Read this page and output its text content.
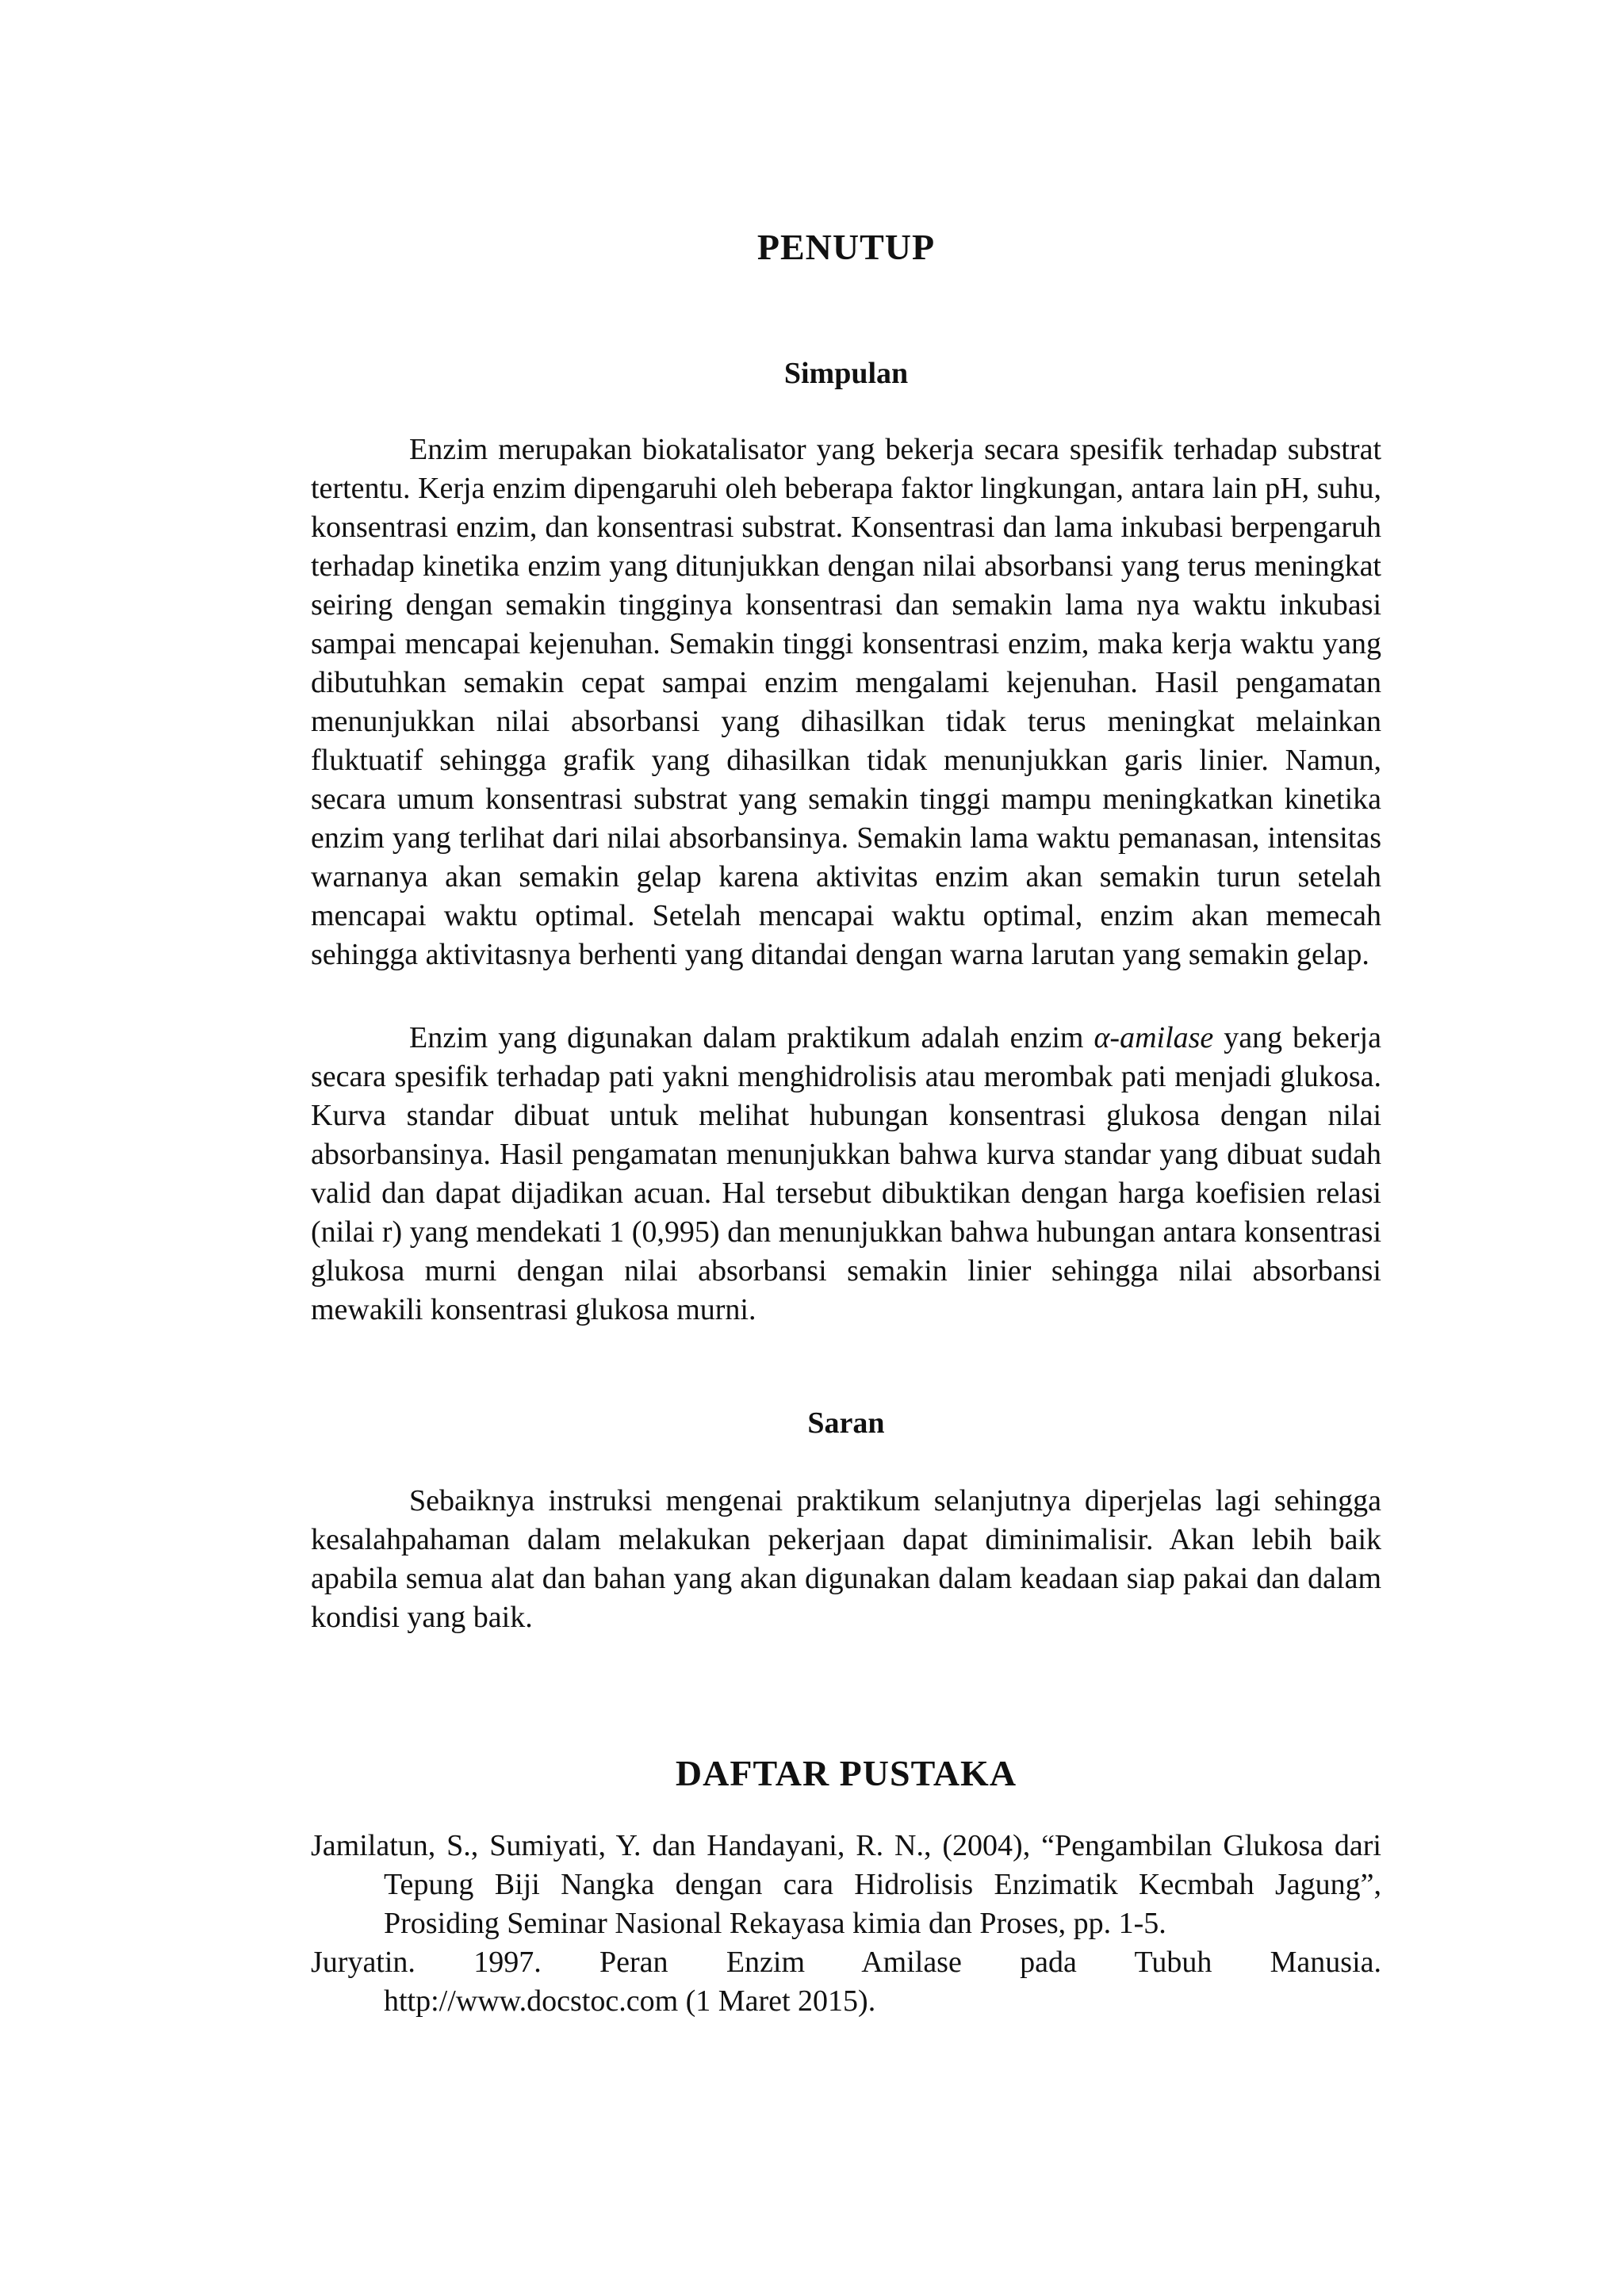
PENUTUP
Simpulan

Enzim merupakan biokatalisator yang bekerja secara spesifik terhadap substrat tertentu. Kerja enzim dipengaruhi oleh beberapa faktor lingkungan, antara lain pH, suhu, konsentrasi enzim, dan konsentrasi substrat. Konsentrasi dan lama inkubasi berpengaruh terhadap kinetika enzim yang ditunjukkan dengan nilai absorbansi yang terus meningkat seiring dengan semakin tingginya konsentrasi dan semakin lama nya waktu inkubasi sampai mencapai kejenuhan. Semakin tinggi konsentrasi enzim, maka kerja waktu yang dibutuhkan semakin cepat sampai enzim mengalami kejenuhan. Hasil pengamatan menunjukkan nilai absorbansi yang dihasilkan tidak terus meningkat melainkan fluktuatif sehingga grafik yang dihasilkan tidak menunjukkan garis linier. Namun, secara umum konsentrasi substrat yang semakin tinggi mampu meningkatkan kinetika enzim yang terlihat dari nilai absorbansinya. Semakin lama waktu pemanasan, intensitas warnanya akan semakin gelap karena aktivitas enzim akan semakin turun setelah mencapai waktu optimal. Setelah mencapai waktu optimal, enzim akan memecah sehingga aktivitasnya berhenti yang ditandai dengan warna larutan yang semakin gelap.

Enzim yang digunakan dalam praktikum adalah enzim α-amilase yang bekerja secara spesifik terhadap pati yakni menghidrolisis atau merombak pati menjadi glukosa. Kurva standar dibuat untuk melihat hubungan konsentrasi glukosa dengan nilai absorbansinya. Hasil pengamatan menunjukkan bahwa kurva standar yang dibuat sudah valid dan dapat dijadikan acuan. Hal tersebut dibuktikan dengan harga koefisien relasi (nilai r) yang mendekati 1 (0,995) dan menunjukkan bahwa hubungan antara konsentrasi glukosa murni dengan nilai absorbansi semakin linier sehingga nilai absorbansi mewakili konsentrasi glukosa murni.

Saran

Sebaiknya instruksi mengenai praktikum selanjutnya diperjelas lagi sehingga kesalahpahaman dalam melakukan pekerjaan dapat diminimalisir. Akan lebih baik apabila semua alat dan bahan yang akan digunakan dalam keadaan siap pakai dan dalam kondisi yang baik.

DAFTAR PUSTAKA
Jamilatun, S., Sumiyati, Y. dan Handayani, R. N., (2004), “Pengambilan Glukosa dari Tepung Biji Nangka dengan cara Hidrolisis Enzimatik Kecmbah Jagung”, Prosiding Seminar Nasional Rekayasa kimia dan Proses, pp. 1-5.
Juryatin. 1997. Peran Enzim Amilase pada Tubuh Manusia.
http://www.docstoc.com (1 Maret 2015).
